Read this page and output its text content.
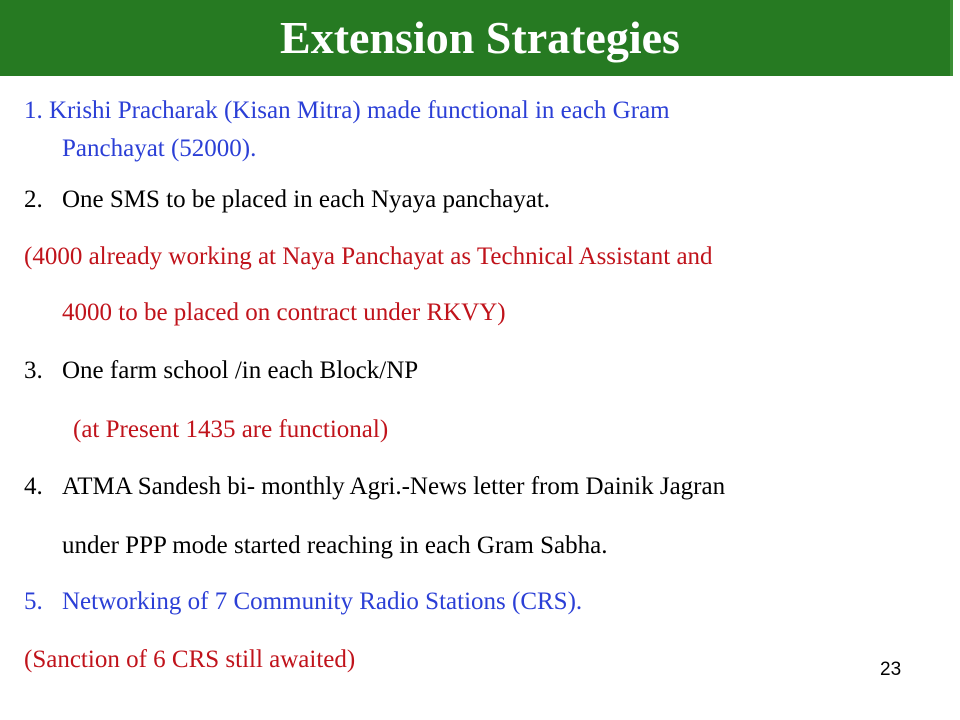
Extension Strategies
1. Krishi Pracharak (Kisan Mitra) made functional in each Gram
Panchayat (52000).
2. One SMS to be placed in each Nyaya panchayat.
(4000 already working at Naya Panchayat as Technical Assistant and
4000 to be placed on contract under RKVY)
3. One farm school /in each Block/NP
(at Present 1435 are functional)
4. ATMA Sandesh bi- monthly Agri.-News letter from Dainik Jagran
under PPP mode started reaching in each Gram Sabha.
5. Networking of 7 Community Radio Stations (CRS).
(Sanction of 6 CRS still awaited)	23
